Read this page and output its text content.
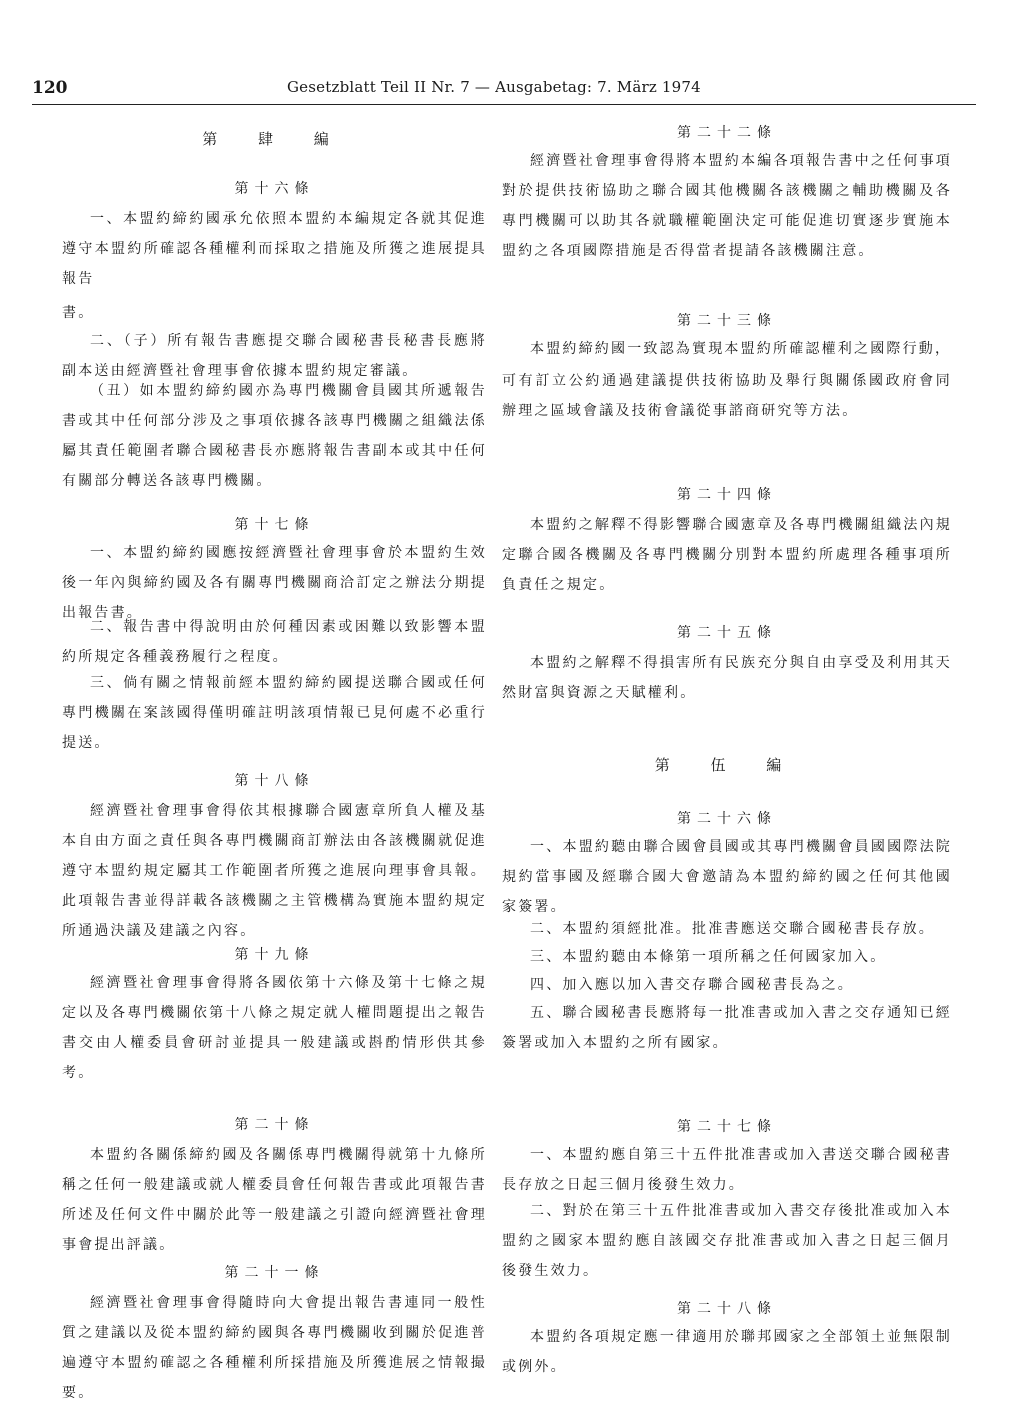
120	Gesetzblatt Teil II Nr. 7 — Ausgabetag: 7. März 1974
第 肆 編
第十六條

一、本盟約締約國承允依照本盟約本編規定各就其促進遵守本盟約所確認各種權利而採取之措施及所獲之進展提具報告

書。

二、（子）所有報告書應提交聯合國秘書長秘書長應將副本送由經濟暨社會理事會依據本盟約規定審議。

（丑）如本盟約締約國亦為專門機關會員國其所遞報告書或其中任何部分涉及之事項依據各該專門機關之組織法係屬其責任範圍者聯合國秘書長亦應將報告書副本或其中任何有關部分轉送各該專門機關。

第十七條

一、本盟約締約國應按經濟暨社會理事會於本盟約生效後一年內與締約國及各有關專門機關商洽訂定之辦法分期提出報告書。

二、報告書中得說明由於何種因素或困難以致影響本盟約所規定各種義務履行之程度。

三、倘有關之情報前經本盟約締約國提送聯合國或任何專門機關在案該國得僅明確註明該項情報已見何處不必重行提送。

第十八條

經濟暨社會理事會得依其根據聯合國憲章所負人權及基本自由方面之責任與各專門機關商訂辦法由各該機關就促進遵守本盟約規定屬其工作範圍者所獲之進展向理事會具報。此項報告書並得詳載各該機關之主管機構為實施本盟約規定所通過決議及建議之內容。

第十九條

經濟暨社會理事會得將各國依第十六條及第十七條之規定以及各專門機關依第十八條之規定就人權問題提出之報告書交由人權委員會研討並提具一般建議或斟酌情形供其參考。

第二十條

本盟約各關係締約國及各關係專門機關得就第十九條所稱之任何一般建議或就人權委員會任何報告書或此項報告書所述及任何文件中關於此等一般建議之引證向經濟暨社會理事會提出評議。

第二十一條

經濟暨社會理事會得隨時向大會提出報告書連同一般性質之建議以及從本盟約締約國與各專門機關收到關於促進普遍遵守本盟約確認之各種權利所採措施及所獲進展之情報撮要。

第二十二條

經濟暨社會理事會得將本盟約本編各項報告書中之任何事項對於提供技術協助之聯合國其他機關各該機關之輔助機關及各專門機關可以助其各就職權範圍決定可能促進切實逐步實施本盟約之各項國際措施是否得當者提請各該機關注意。

第二十三條

本盟約締約國一致認為實現本盟約所確認權利之國際行動，

可有訂立公約通過建議提供技術協助及舉行與關係國政府會同辦理之區域會議及技術會議從事諮商研究等方法。

第二十四條

本盟約之解釋不得影響聯合國憲章及各專門機關組織法內規定聯合國各機關及各專門機關分別對本盟約所處理各種事項所負責任之規定。

第二十五條

本盟約之解釋不得損害所有民族充分與自由享受及利用其天然財富與資源之天賦權利。

第 伍 編
第二十六條

一、本盟約聽由聯合國會員國或其專門機關會員國國際法院規約當事國及經聯合國大會邀請為本盟約締約國之任何其他國家簽署。

二、本盟約須經批准。批准書應送交聯合國秘書長存放。

三、本盟約聽由本條第一項所稱之任何國家加入。

四、加入應以加入書交存聯合國秘書長為之。

五、聯合國秘書長應將每一批准書或加入書之交存通知已經簽署或加入本盟約之所有國家。

第二十七條

一、本盟約應自第三十五件批准書或加入書送交聯合國秘書長存放之日起三個月後發生效力。

二、對於在第三十五件批准書或加入書交存後批准或加入本盟約之國家本盟約應自該國交存批准書或加入書之日起三個月後發生效力。

第二十八條

本盟約各項規定應一律適用於聯邦國家之全部領土並無限制或例外。
